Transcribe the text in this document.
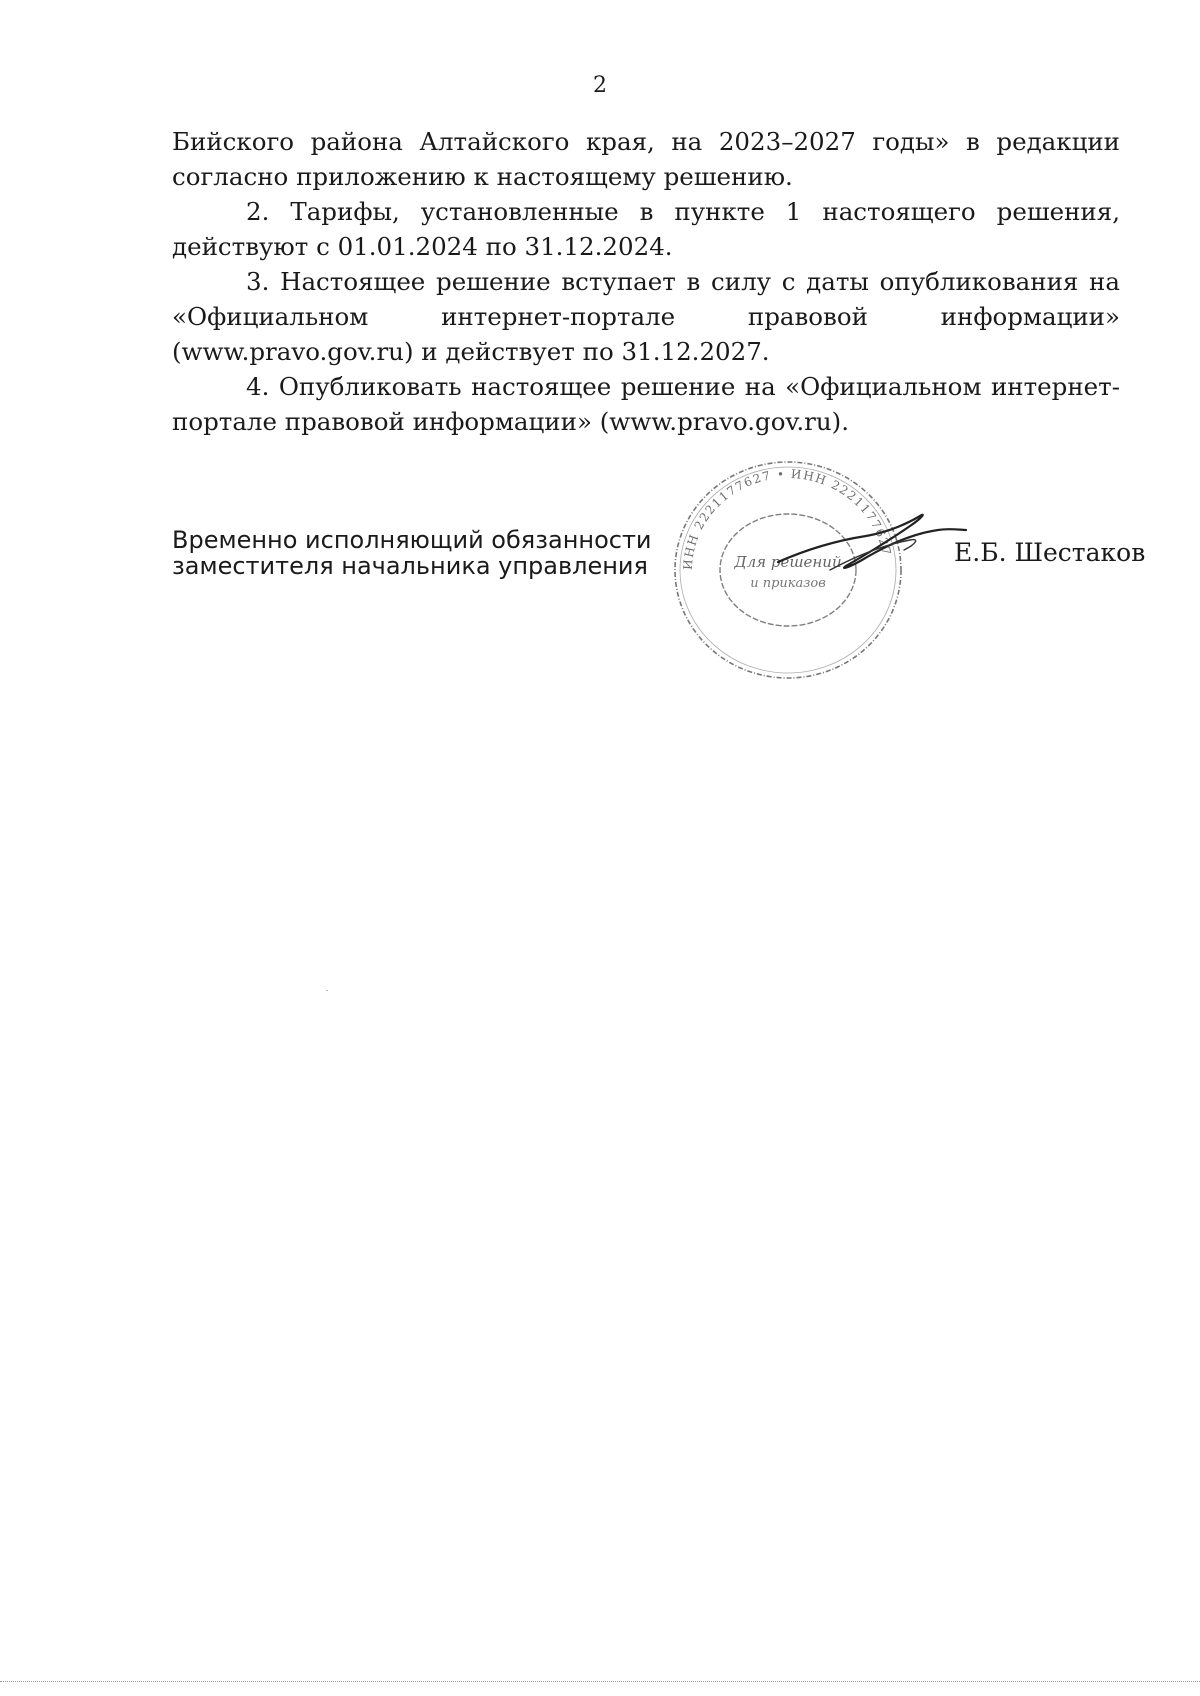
2

Бийского района Алтайского края, на 2023–2027 годы» в редакции согласно приложению к настоящему решению.

2. Тарифы, установленные в пункте 1 настоящего решения, действуют с 01.01.2024 по 31.12.2024.

3. Настоящее решение вступает в силу с даты опубликования на «Официальном интернет-портале правовой информации» (www.pravo.gov.ru) и действует по 31.12.2027.

4. Опубликовать настоящее решение на «Официальном интернет-портале правовой информации» (www.pravo.gov.ru).

Временно исполняющий обязанности
заместителя начальника управления	ИНН 2221177627 • ИНН 2221177627
Для решений
и приказов
Е.Б. Шестаков
